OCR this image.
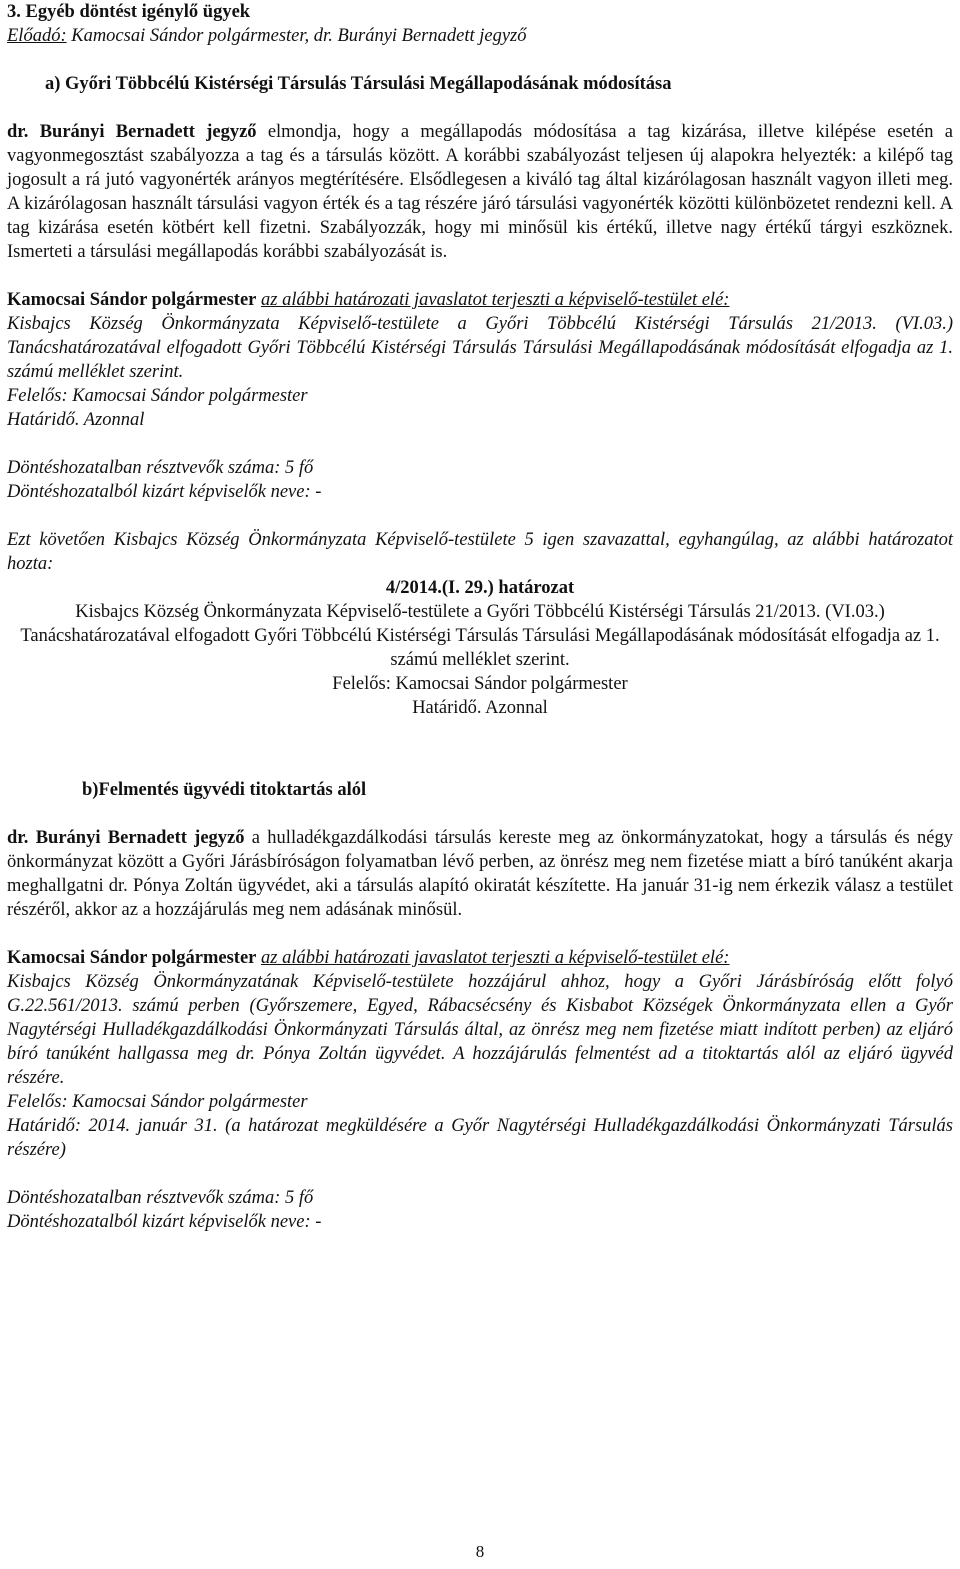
3. Egyéb döntést igénylő ügyek

Előadó: Kamocsai Sándor polgármester, dr. Burányi Bernadett jegyző

a) Győri Többcélú Kistérségi Társulás Társulási Megállapodásának módosítása

dr. Burányi Bernadett jegyző elmondja, hogy a megállapodás módosítása a tag kizárása, illetve kilépése esetén a vagyonmegosztást szabályozza a tag és a társulás között. A korábbi szabályozást teljesen új alapokra helyezték: a kilépő tag jogosult a rá jutó vagyonérték arányos megtérítésére. Elsődlegesen a kiváló tag által kizárólagosan használt vagyon illeti meg. A kizárólagosan használt társulási vagyon érték és a tag részére járó társulási vagyonérték közötti különbözetet rendezni kell. A tag kizárása esetén kötbért kell fizetni. Szabályozzák, hogy mi minősül kis értékű, illetve nagy értékű tárgyi eszköznek. Ismerteti a társulási megállapodás korábbi szabályozását is.

Kamocsai Sándor polgármester az alábbi határozati javaslatot terjeszti a képviselő-testület elé:

Kisbajcs Község Önkormányzata Képviselő-testülete a Győri Többcélú Kistérségi Társulás 21/2013. (VI.03.) Tanácshatározatával elfogadott Győri Többcélú Kistérségi Társulás Társulási Megállapodásának módosítását elfogadja az 1. számú melléklet szerint.

Felelős: Kamocsai Sándor polgármester

Határidő. Azonnal

Döntéshozatalban résztvevők száma: 5 fő

Döntéshozatalból kizárt képviselők neve: -

Ezt követően Kisbajcs Község Önkormányzata Képviselő-testülete 5 igen szavazattal, egyhangúlag, az alábbi határozatot hozta:

4/2014.(I. 29.) határozat

Kisbajcs Község Önkormányzata Képviselő-testülete a Győri Többcélú Kistérségi Társulás 21/2013. (VI.03.) Tanácshatározatával elfogadott Győri Többcélú Kistérségi Társulás Társulási Megállapodásának módosítását elfogadja az 1. számú melléklet szerint.

Felelős: Kamocsai Sándor polgármester

Határidő. Azonnal

b)Felmentés ügyvédi titoktartás alól

dr. Burányi Bernadett jegyző a hulladékgazdálkodási társulás kereste meg az önkormányzatokat, hogy a társulás és négy önkormányzat között a Győri Járásbíróságon folyamatban lévő perben, az önrész meg nem fizetése miatt a bíró tanúként akarja meghallgatni dr. Pónya Zoltán ügyvédet, aki a társulás alapító okiratát készítette. Ha január 31-ig nem érkezik válasz a testület részéről, akkor az a hozzájárulás meg nem adásának minősül.

Kamocsai Sándor polgármester az alábbi határozati javaslatot terjeszti a képviselő-testület elé:

Kisbajcs Község Önkormányzatának Képviselő-testülete hozzájárul ahhoz, hogy a Győri Járásbíróság előtt folyó G.22.561/2013. számú perben (Győrszemere, Egyed, Rábacsécsény és Kisbabot Községek Önkormányzata ellen a Győr Nagytérségi Hulladékgazdálkodási Önkormányzati Társulás által, az önrész meg nem fizetése miatt indított perben) az eljáró bíró tanúként hallgassa meg dr. Pónya Zoltán ügyvédet. A hozzájárulás felmentést ad a titoktartás alól az eljáró ügyvéd részére.

Felelős: Kamocsai Sándor polgármester

Határidő: 2014. január 31. (a határozat megküldésére a Győr Nagytérségi Hulladékgazdálkodási Önkormányzati Társulás részére)

Döntéshozatalban résztvevők száma: 5 fő

Döntéshozatalból kizárt képviselők neve: -

8
